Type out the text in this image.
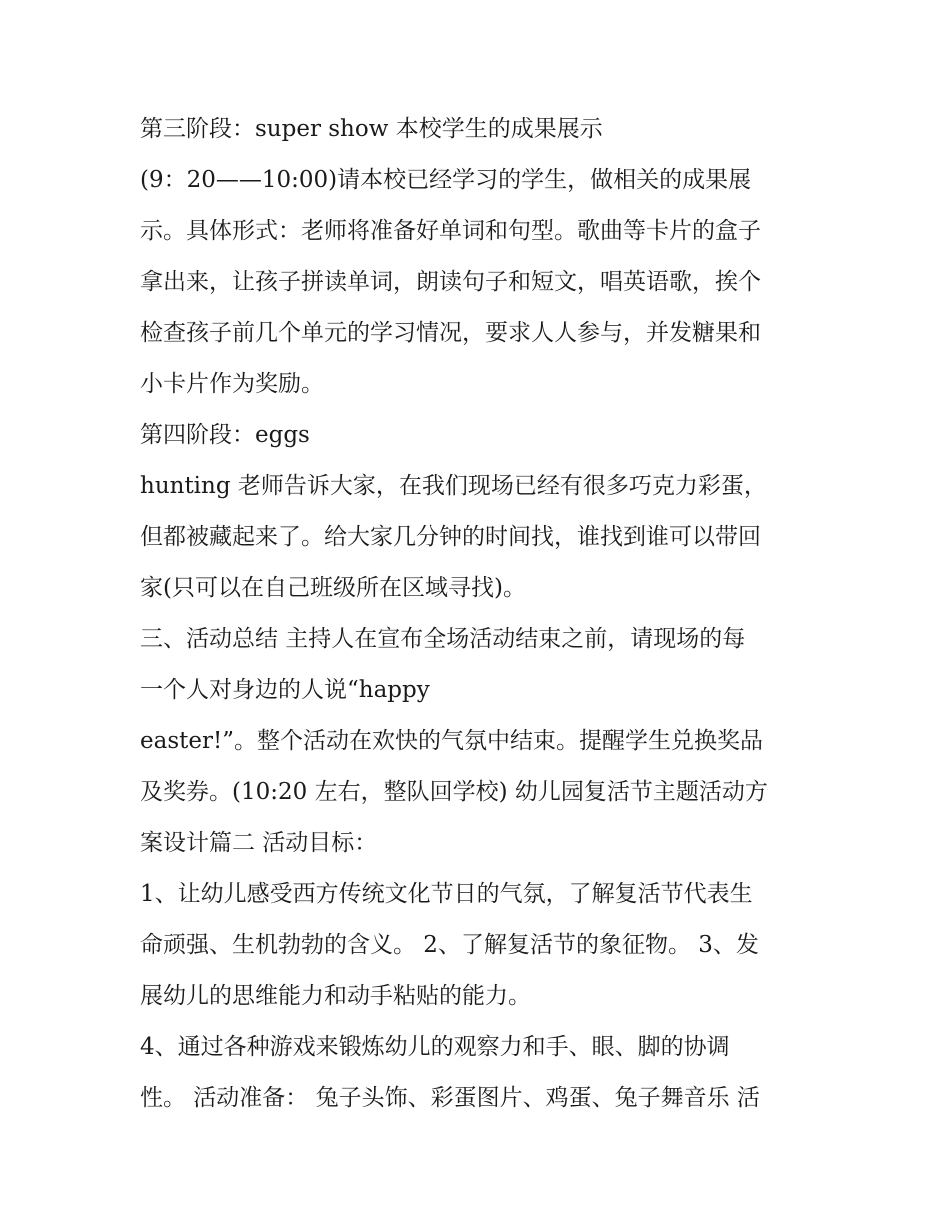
第三阶段：super show 本校学生的成果展示
(9：20——10:00)请本校已经学习的学生，做相关的成果展
示。具体形式：老师将准备好单词和句型。歌曲等卡片的盒子
拿出来，让孩子拼读单词，朗读句子和短文，唱英语歌，挨个
检查孩子前几个单元的学习情况，要求人人参与，并发糖果和
小卡片作为奖励。
第四阶段：eggs
hunting 老师告诉大家，在我们现场已经有很多巧克力彩蛋，
但都被藏起来了。给大家几分钟的时间找，谁找到谁可以带回
家(只可以在自己班级所在区域寻找)。
三、活动总结 主持人在宣布全场活动结束之前，请现场的每
一个人对身边的人说“happy
easter!”。整个活动在欢快的气氛中结束。提醒学生兑换奖品
及奖券。(10:20 左右，整队回学校) 幼儿园复活节主题活动方
案设计篇二 活动目标：
1、让幼儿感受西方传统文化节日的气氛，了解复活节代表生
命顽强、生机勃勃的含义。 2、了解复活节的象征物。 3、发
展幼儿的思维能力和动手粘贴的能力。
4、通过各种游戏来锻炼幼儿的观察力和手、眼、脚的协调
性。 活动准备： 兔子头饰、彩蛋图片、鸡蛋、兔子舞音乐 活
